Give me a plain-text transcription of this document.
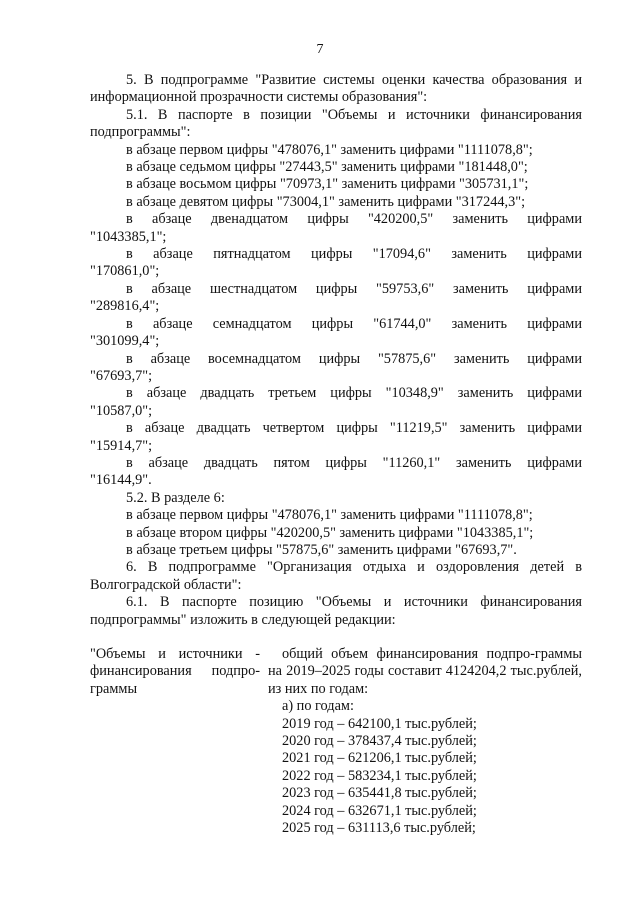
7

5. В подпрограмме "Развитие системы оценки качества образования и информационной прозрачности системы образования":

5.1. В паспорте в позиции "Объемы и источники финансирования подпрограммы":

в абзаце первом цифры "478076,1" заменить цифрами "1111078,8";

в абзаце седьмом цифры "27443,5" заменить цифрами "181448,0";

в абзаце восьмом цифры "70973,1" заменить цифрами "305731,1";

в абзаце девятом цифры "73004,1" заменить цифрами "317244,3";

в абзаце двенадцатом цифры "420200,5" заменить цифрами

"1043385,1";

в абзаце пятнадцатом цифры "17094,6" заменить цифрами

"170861,0";

в абзаце шестнадцатом цифры "59753,6" заменить цифрами

"289816,4";

в абзаце семнадцатом цифры "61744,0" заменить цифрами

"301099,4";

в абзаце восемнадцатом цифры "57875,6" заменить цифрами

"67693,7";

в абзаце двадцать третьем цифры "10348,9" заменить цифрами

"10587,0";

в абзаце двадцать четвертом цифры "11219,5" заменить цифрами

"15914,7";

в абзаце двадцать пятом цифры "11260,1" заменить цифрами

"16144,9".

5.2. В разделе 6:

в абзаце первом цифры "478076,1" заменить цифрами "1111078,8";

в абзаце втором цифры "420200,5" заменить цифрами "1043385,1";

в абзаце третьем цифры "57875,6" заменить цифрами "67693,7".

6. В подпрограмме "Организация отдыха и оздоровления детей в Волгоградской области":

6.1. В паспорте позицию "Объемы и источники финансирования подпрограммы" изложить в следующей редакции:

"Объемы и источники - финансирования подпро-граммы

общий объем финансирования подпро-граммы на 2019–2025 годы составит 4124204,2 тыс.рублей, из них по годам:

а) по годам:

2019 год – 642100,1 тыс.рублей;

2020 год – 378437,4 тыс.рублей;

2021 год – 621206,1 тыс.рублей;

2022 год – 583234,1 тыс.рублей;

2023 год – 635441,8 тыс.рублей;

2024 год – 632671,1 тыс.рублей;

2025 год – 631113,6 тыс.рублей;
